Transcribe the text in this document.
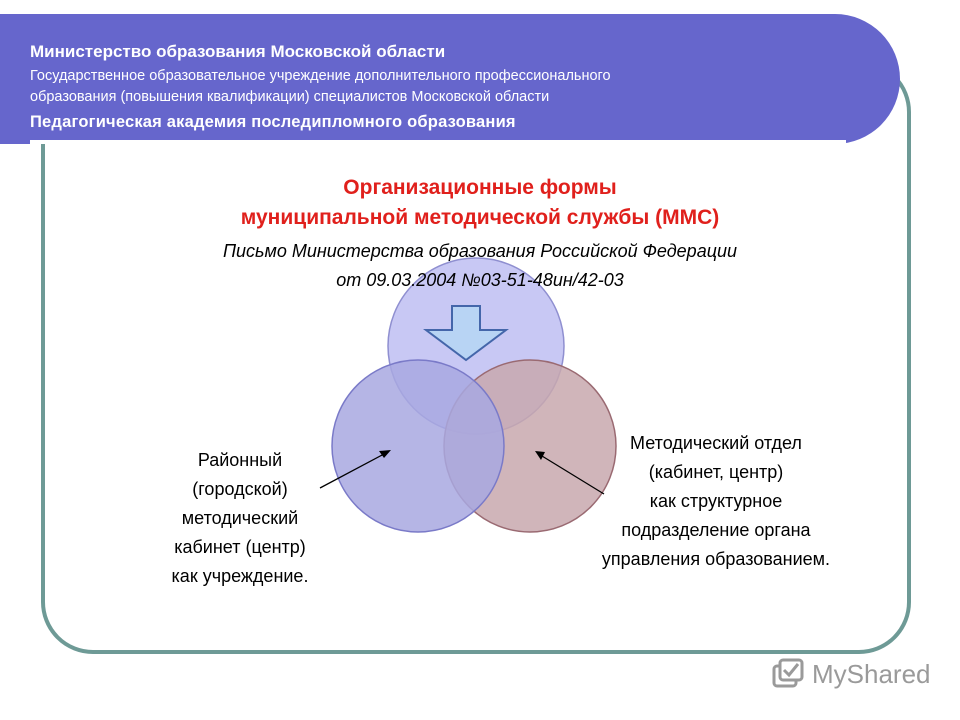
Министерство образования Московской области
Государственное образовательное учреждение дополнительного профессионального
образования (повышения квалификации) специалистов Московской области
Педагогическая академия последипломного образования
Организационные формы
муниципальной методической службы (ММС)
Письмо Министерства образования Российской Федерации
от 09.03.2004 №03-51-48ин/42-03
Районный
(городской)
методический
кабинет (центр)
как учреждение.
Методический отдел
(кабинет, центр)
как структурное
подразделение органа
управления образованием.
MyShared
